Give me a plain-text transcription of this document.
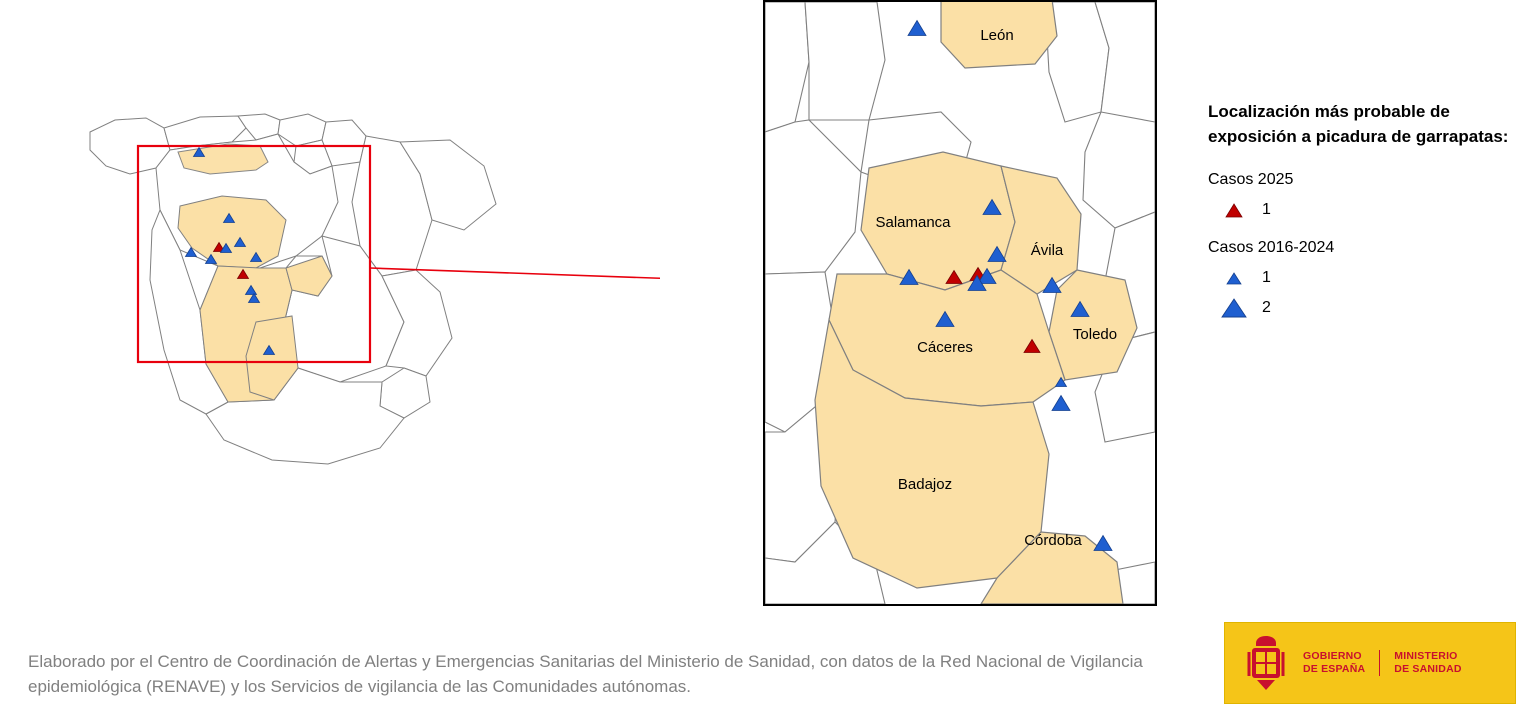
León
Salamanca
Ávila
Toledo
Cáceres
Badajoz
Córdoba
Localización más probable de exposición a picadura de garrapatas:
Casos 2025
1
Casos 2016-2024
1
2
Elaborado por el Centro de Coordinación de Alertas y Emergencias Sanitarias del Ministerio de Sanidad, con datos de la Red Nacional de Vigilancia epidemiológica (RENAVE) y los Servicios de vigilancia de las Comunidades autónomas.
GOBIERNO
DE ESPAÑA
MINISTERIO
DE SANIDAD
